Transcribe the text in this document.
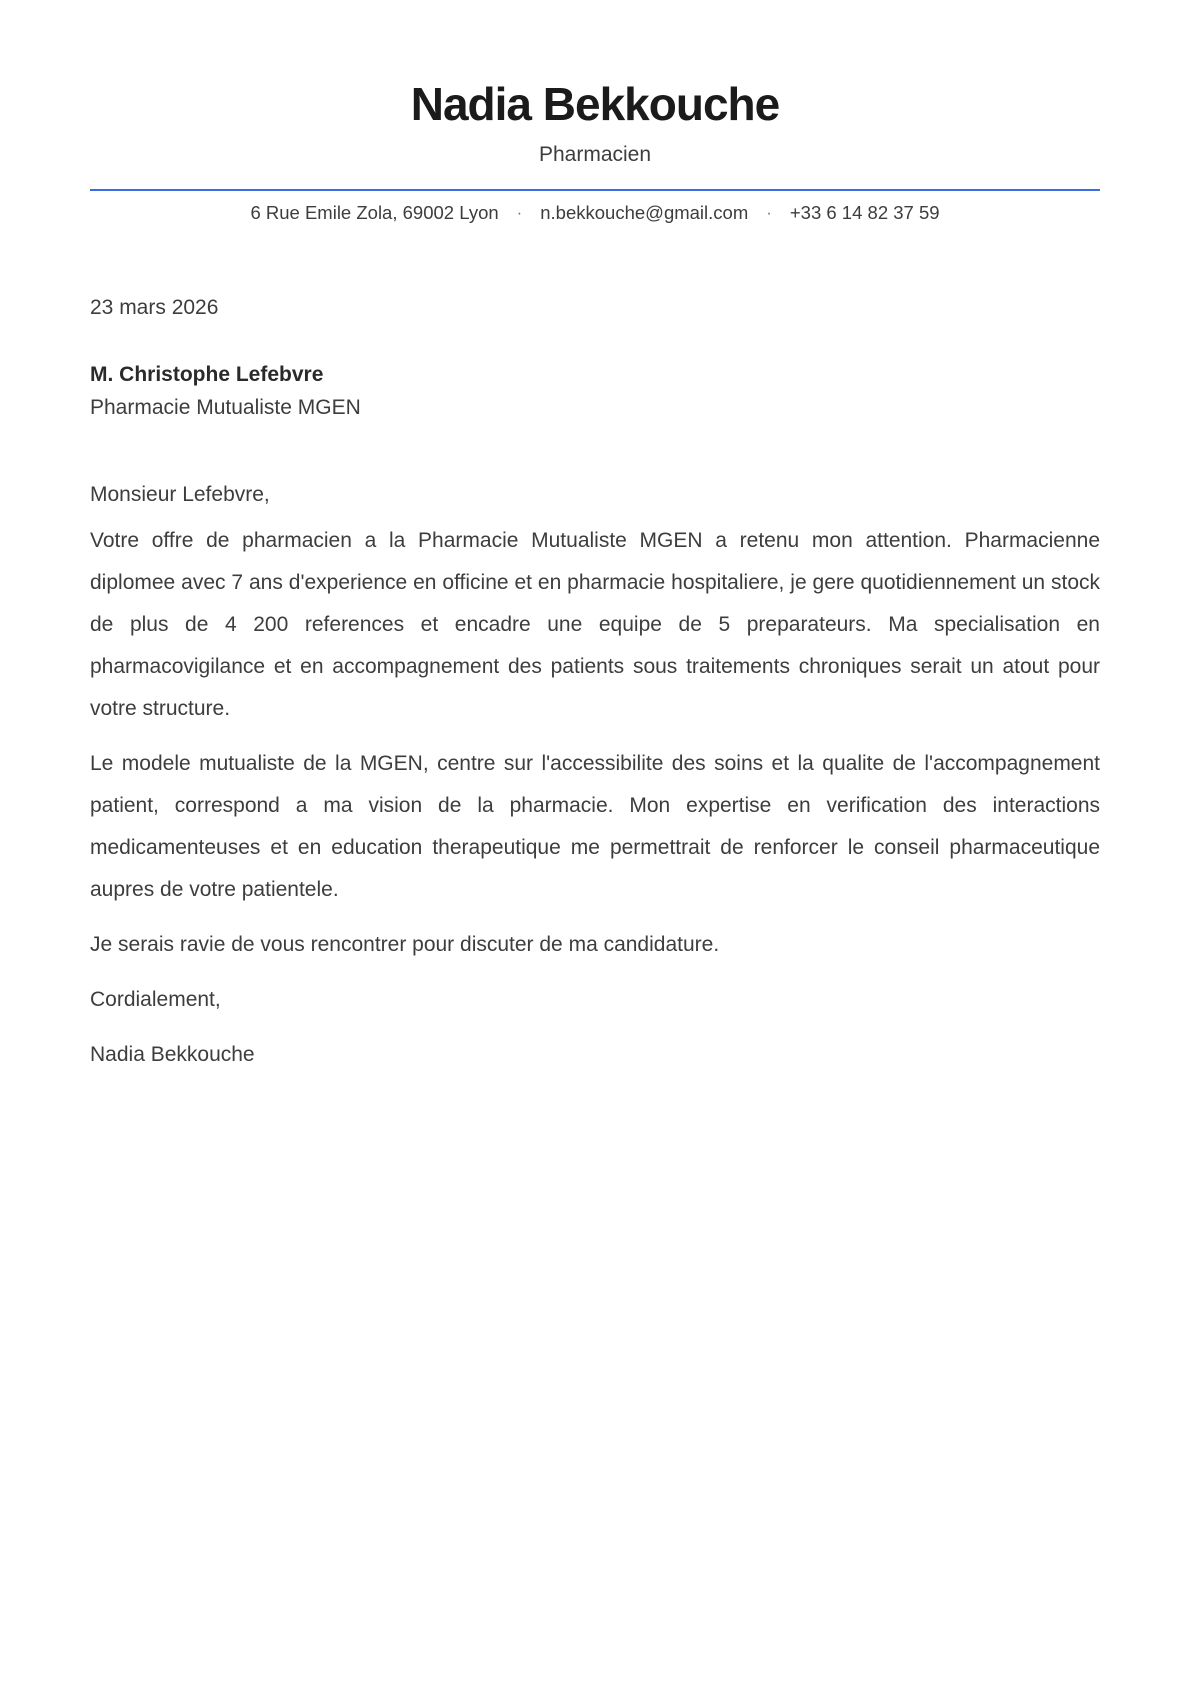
Nadia Bekkouche
Pharmacien
6 Rue Emile Zola, 69002 Lyon · n.bekkouche@gmail.com · +33 6 14 82 37 59

23 mars 2026

M. Christophe Lefebvre

Pharmacie Mutualiste MGEN

Monsieur Lefebvre,

Votre offre de pharmacien a la Pharmacie Mutualiste MGEN a retenu mon attention. Pharmacienne diplomee avec 7 ans d'experience en officine et en pharmacie hospitaliere, je gere quotidiennement un stock de plus de 4 200 references et encadre une equipe de 5 preparateurs. Ma specialisation en pharmacovigilance et en accompagnement des patients sous traitements chroniques serait un atout pour votre structure.

Le modele mutualiste de la MGEN, centre sur l'accessibilite des soins et la qualite de l'accompagnement patient, correspond a ma vision de la pharmacie. Mon expertise en verification des interactions medicamenteuses et en education therapeutique me permettrait de renforcer le conseil pharmaceutique aupres de votre patientele.

Je serais ravie de vous rencontrer pour discuter de ma candidature.

Cordialement,

Nadia Bekkouche
